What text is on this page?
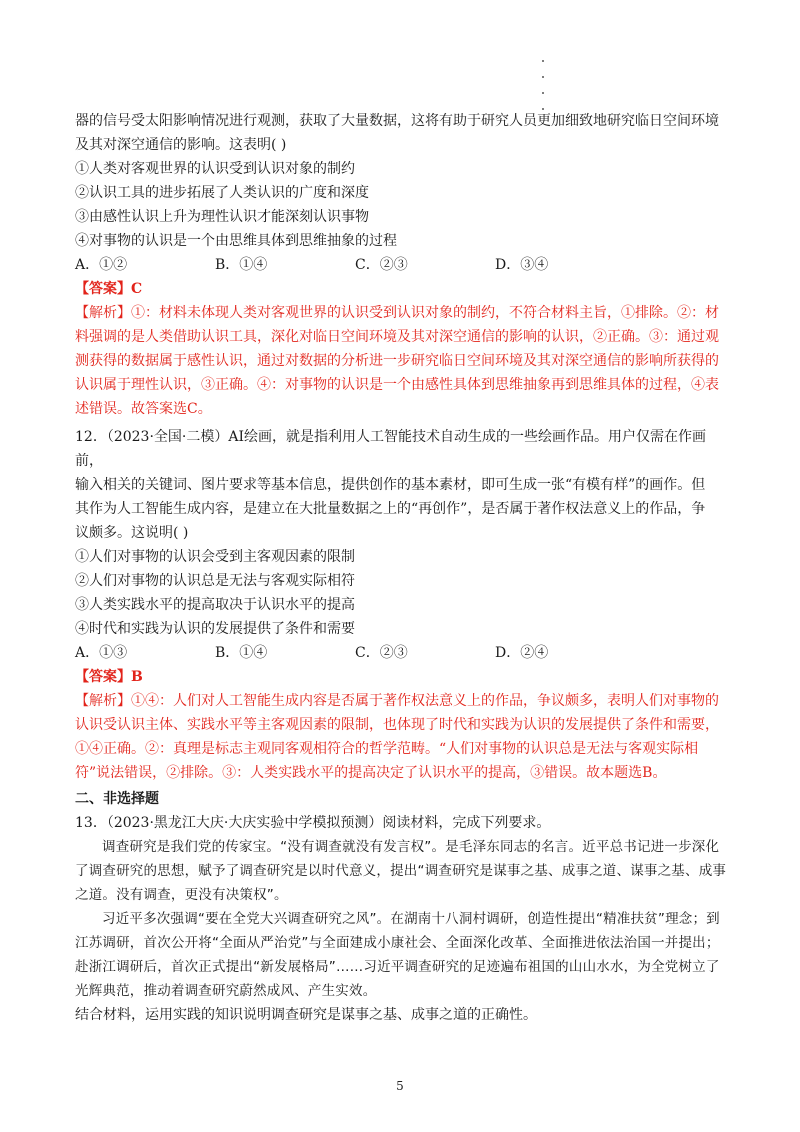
器的信号受太阳影响情况进行观测，获取了大量数据，这将有助于研究人员更加细致地研究临日空间环境

及其对深空通信的影响。这表明( )

①人类对客观世界的认识受到认识对象的制约

②认识工具的进步拓展了人类认识的广度和深度

③由感性认识上升为理性认识才能深刻认识事物

④对事物的认识是一个由思维具体到思维抽象的过程

A．①②	B．①④	C．②③	D．③④

【答案】C

【解析】①：材料未体现人类对客观世界的认识受到认识对象的制约，不符合材料主旨，①排除。②：材

料强调的是人类借助认识工具，深化对临日空间环境及其对深空通信的影响的认识，②正确。③：通过观

测获得的数据属于感性认识，通过对数据的分析进一步研究临日空间环境及其对深空通信的影响所获得的

认识属于理性认识，③正确。④：对事物的认识是一个由感性具体到思维抽象再到思维具体的过程，④表

述错误。故答案选C。

12．（2023·全国·二模）AI绘画，就是指利用人工智能技术自动生成的一些绘画作品。用户仅需在作画前，

输入相关的关键词、图片要求等基本信息，提供创作的基本素材，即可生成一张“有模有样”的画作。但

其作为人工智能生成内容，是建立在大批量数据之上的“再创作”，是否属于著作权法意义上的作品，争

议颇多。这说明( )

①人们对事物的认识会受到主客观因素的限制

②人们对事物的认识总是无法与客观实际相符

③人类实践水平的提高取决于认识水平的提高

④时代和实践为认识的发展提供了条件和需要

A．①③	B．①④	C．②③	D．②④

【答案】B

【解析】①④：人们对人工智能生成内容是否属于著作权法意义上的作品，争议颇多，表明人们对事物的

认识受认识主体、实践水平等主客观因素的限制，也体现了时代和实践为认识的发展提供了条件和需要，

①④正确。②：真理是标志主观同客观相符合的哲学范畴。“人们对事物的认识总是无法与客观实际相

符”说法错误，②排除。③：人类实践水平的提高决定了认识水平的提高，③错误。故本题选B。

二、非选择题

13．（2023·黑龙江大庆·大庆实验中学模拟预测）阅读材料，完成下列要求。

调查研究是我们党的传家宝。“没有调查就没有发言权”。是毛泽东同志的名言。近平总书记进一步深化了调查研究的思想，赋予了调查研究是以时代意义，提出“调查研究是谋事之基、成事之道、谋事之基、成事之道。没有调查，更没有决策权”。

习近平多次强调“要在全党大兴调查研究之风”。在湖南十八洞村调研，创造性提出“精准扶贫”理念；到江苏调研，首次公开将“全面从严治党”与全面建成小康社会、全面深化改革、全面推进依法治国一并提出；赴浙江调研后，首次正式提出“新发展格局”……习近平调查研究的足迹遍布祖国的山山水水，为全党树立了光辉典范，推动着调查研究蔚然成风、产生实效。

结合材料，运用实践的知识说明调查研究是谋事之基、成事之道的正确性。

5
